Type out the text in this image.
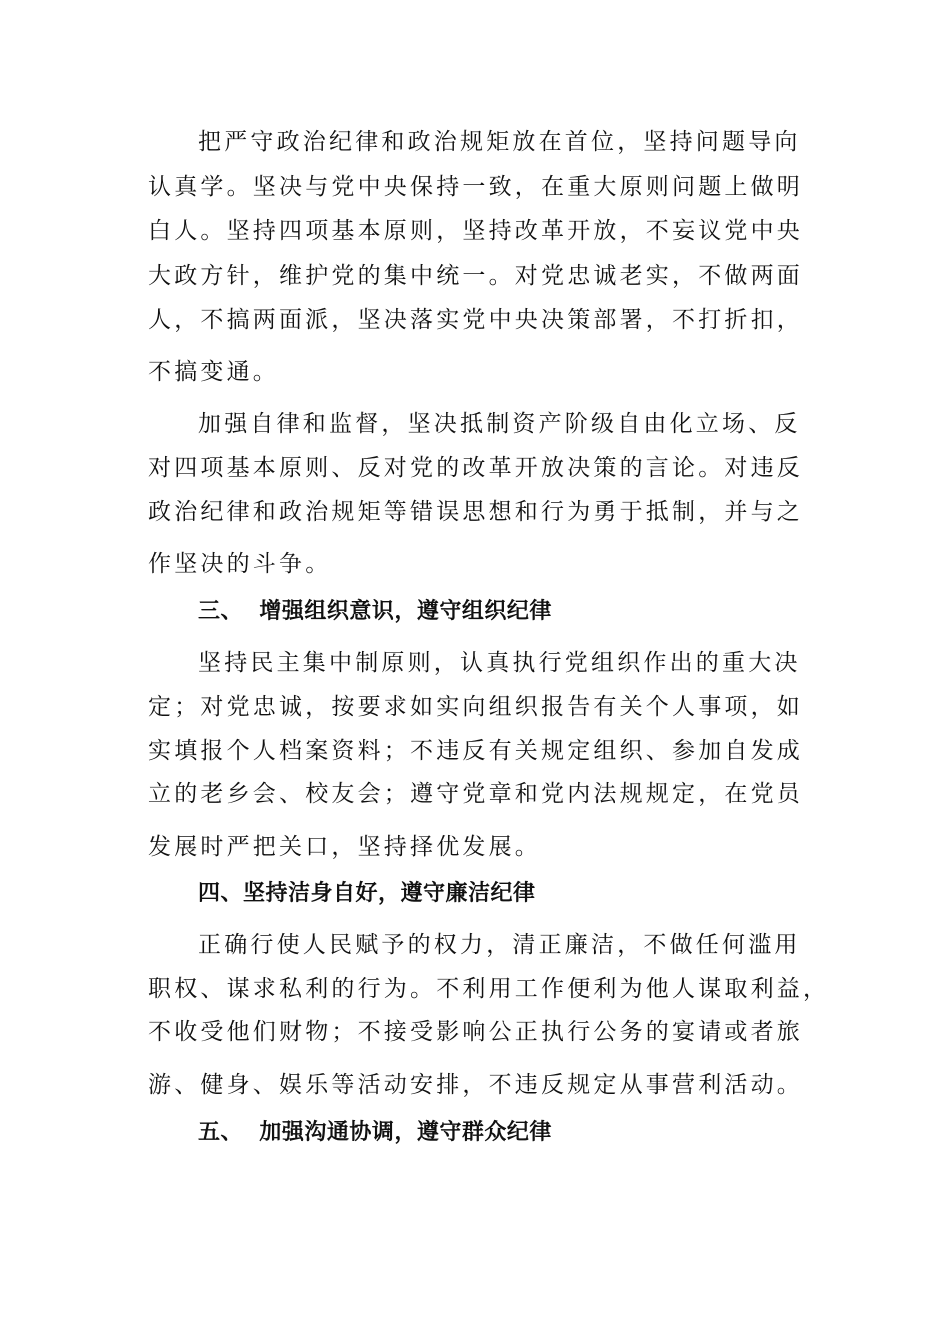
把严守政治纪律和政治规矩放在首位，坚持问题导向
认真学。坚决与党中央保持一致，在重大原则问题上做明
白人。坚持四项基本原则，坚持改革开放，不妄议党中央
大政方针，维护党的集中统一。对党忠诚老实，不做两面
人，不搞两面派，坚决落实党中央决策部署，不打折扣，
不搞变通。
加强自律和监督，坚决抵制资产阶级自由化立场、反
对四项基本原则、反对党的改革开放决策的言论。对违反
政治纪律和政治规矩等错误思想和行为勇于抵制，并与之
作坚决的斗争。
三、  增强组织意识，遵守组织纪律
坚持民主集中制原则，认真执行党组织作出的重大决
定；对党忠诚，按要求如实向组织报告有关个人事项，如
实填报个人档案资料；不违反有关规定组织、参加自发成
立的老乡会、校友会；遵守党章和党内法规规定，在党员
发展时严把关口，坚持择优发展。
四、坚持洁身自好，遵守廉洁纪律
正确行使人民赋予的权力，清正廉洁，不做任何滥用
职权、谋求私利的行为。不利用工作便利为他人谋取利益，
不收受他们财物；不接受影响公正执行公务的宴请或者旅
游、健身、娱乐等活动安排，不违反规定从事营利活动。
五、  加强沟通协调，遵守群众纪律
